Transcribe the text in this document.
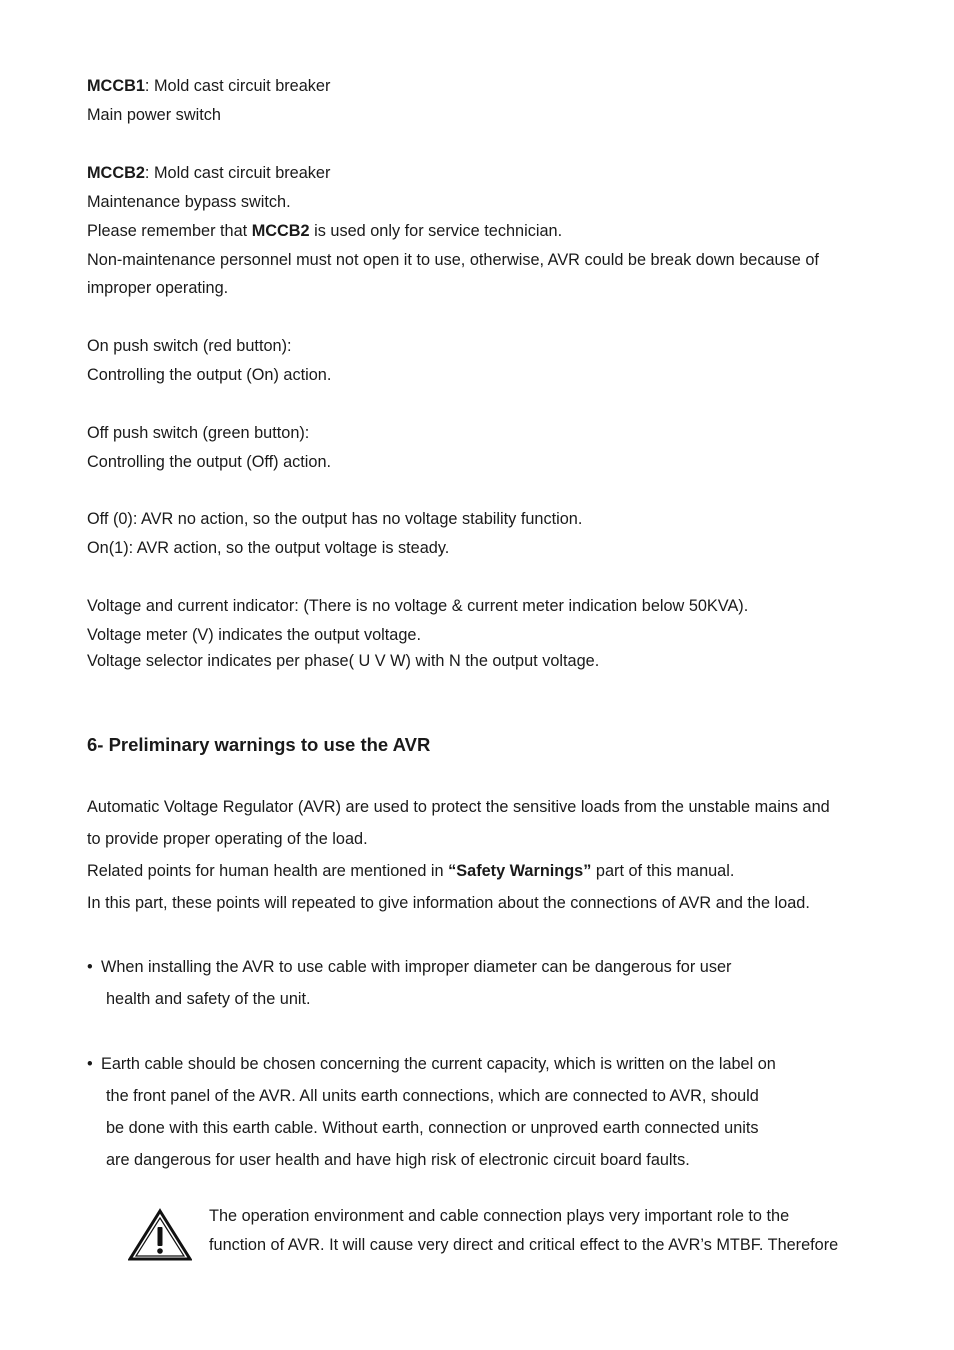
MCCB1: Mold cast circuit breaker
Main power switch
MCCB2: Mold cast circuit breaker
Maintenance bypass switch.
Please remember that MCCB2 is used only for service technician.
Non-maintenance personnel must not open it to use, otherwise, AVR could be break down because of
improper operating.
On push switch (red button):
Controlling the output (On) action.
Off push switch (green button):
Controlling the output (Off) action.
Off (0): AVR no action, so the output has no voltage stability function.
On(1): AVR action, so the output voltage is steady.
Voltage and current indicator: (There is no voltage & current meter indication below 50KVA).
Voltage meter (V) indicates the output voltage.
Voltage selector indicates per phase( U V W) with N the output voltage.
6- Preliminary warnings to use the AVR
Automatic Voltage Regulator (AVR) are used to protect the sensitive loads from the unstable mains and
to provide proper operating of the load.
Related points for human health are mentioned in “Safety Warnings” part of this manual.
In this part, these points will repeated to give information about the connections of AVR and the load.
• When installing the AVR to use cable with improper diameter can be dangerous for user
health and safety of the unit.
• Earth cable should be chosen concerning the current capacity, which is written on the label on
the front panel of the AVR. All units earth connections, which are connected to AVR, should
be done with this earth cable. Without earth, connection or unproved earth connected units
are dangerous for user health and have high risk of electronic circuit board faults.
The operation environment and cable connection plays very important role to the
function of AVR. It will cause very direct and critical effect to the AVR’s MTBF. Therefore
